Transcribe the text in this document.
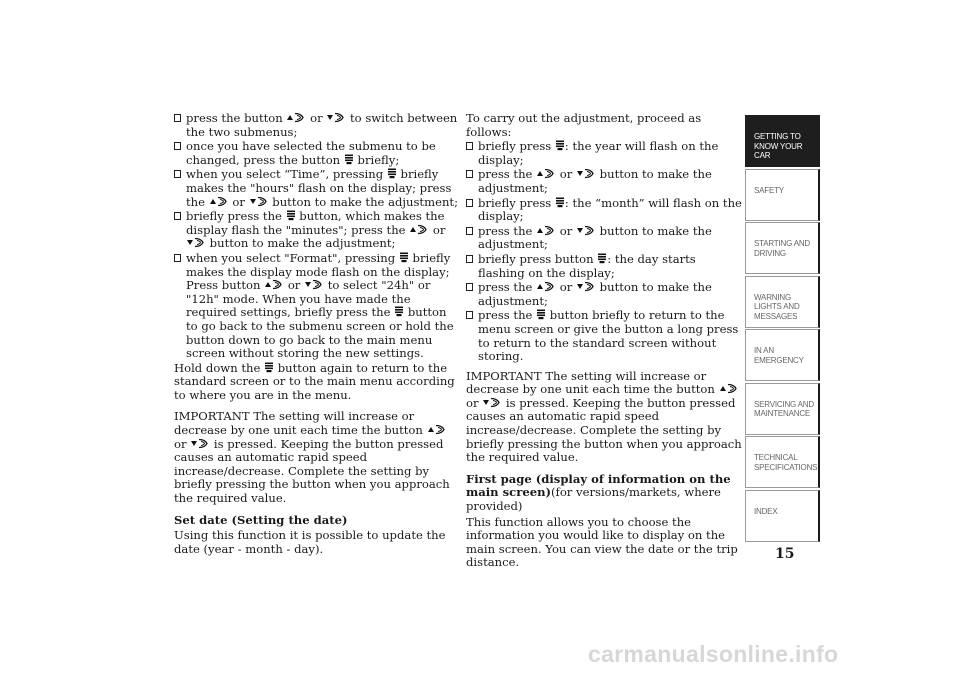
press the button
or
to switch between the two submenus;
once you have selected the submenu to be changed, press the button
briefly;
when you select “Time”, pressing
briefly makes the "hours" flash on the display; press the
or
button to make the adjustment;
briefly press the
button, which makes the display flash the "minutes"; press the
or
button to make the adjustment;
when you select "Format", pressing
briefly makes the display mode flash on the display; Press button
or
to select "24h" or "12h" mode. When you have made the required settings, briefly press the
button to go back to the submenu screen or hold the button down to go back to the main menu screen without storing the new settings.
Hold down the
button again to return to the standard screen or to the main menu according to where you are in the menu.
IMPORTANT The setting will increase or decrease by one unit each time the button
or
is pressed. Keeping the button pressed causes an automatic rapid speed increase/decrease. Complete the setting by briefly pressing the button when you approach the required value.
Set date (Setting the date)
Using this function it is possible to update the date (year - month - day).
To carry out the adjustment, proceed as follows:
briefly press
: the year will flash on the display;
press the
or
button to make the adjustment;
briefly press
: the “month” will flash on the display;
press the
or
button to make the adjustment;
briefly press button
: the day starts flashing on the display;
press the
or
button to make the adjustment;
press the
button briefly to return to the menu screen or give the button a long press to return to the standard screen without storing.
IMPORTANT The setting will increase or decrease by one unit each time the button
or
is pressed. Keeping the button pressed causes an automatic rapid speed increase/decrease. Complete the setting by briefly pressing the button when you approach the required value.
First page (display of information on the main screen)(for versions/markets, where provided)
This function allows you to choose the information you would like to display on the main screen. You can view the date or the trip distance.
GETTING TO KNOW YOUR CAR
SAFETY
STARTING AND DRIVING
WARNING LIGHTS AND MESSAGES
IN AN EMERGENCY
SERVICING AND MAINTENANCE
TECHNICAL SPECIFICATIONS
INDEX
15
carmanualsonline.info
